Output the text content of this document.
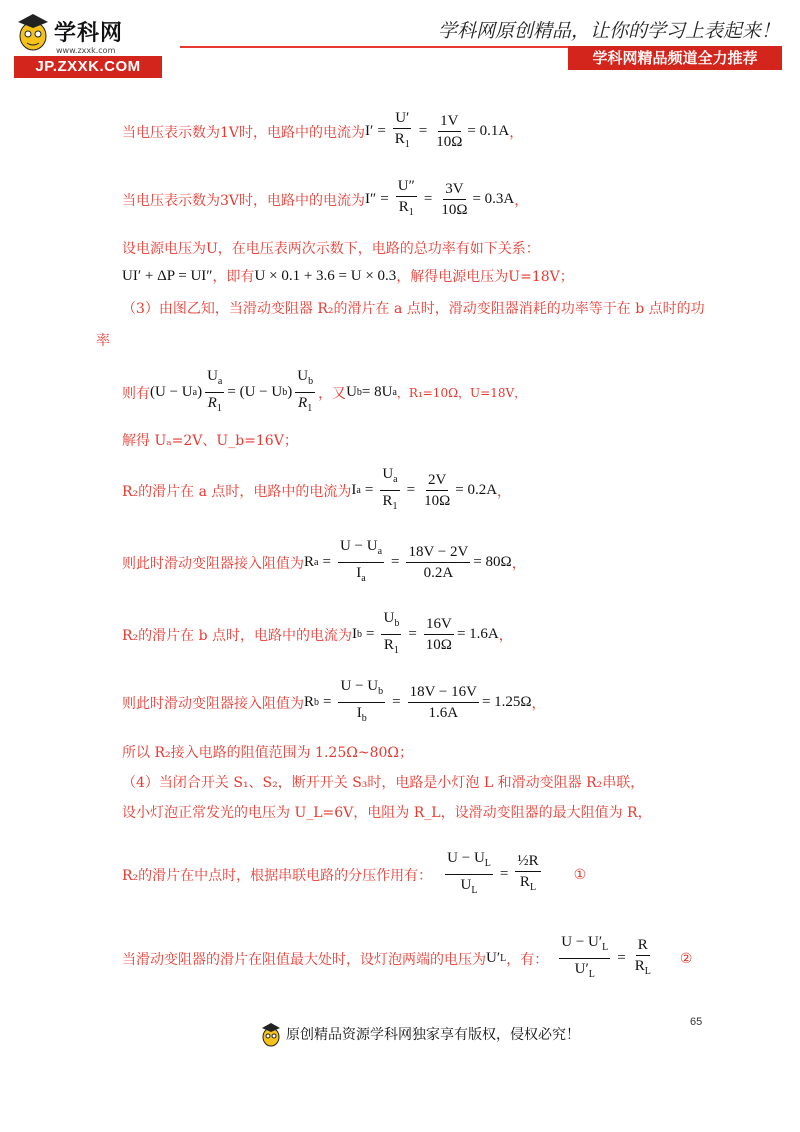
学科网
www.zxxk.com
JP.ZXXK.COM
学科网原创精品，让你的学习上表起来！
学科网精品频道全力推荐
当电压表示数为1V时，电路中的电流为 $I' = \frac{U'}{R_1} = \frac{1V}{10\Omega} = 0.1A$ ，
当电压表示数为3V时，电路中的电流为 $I'' = \frac{U''}{R_1} = \frac{3V}{10\Omega} = 0.3A$ ，
设电源电压为U，在电压表两次示数下，电路的总功率有如下关系：
UI′ + ΔP = UI″ ，即有 U × 0.1 + 3.6 = U × 0.3 ，解得电源电压为U=18V；
（3）由图乙知，当滑动变阻器 R₂的滑片在 a 点时，滑动变阻器消耗的功率等于在 b 点时的功
率
则有 (U − U a ) $\frac{U_a}{R_1} = (U - U$ b ) $\frac{U_b}{R_1}$ ，又 U b = 8U a ，R₁=10Ω，U=18V，
解得 Uₐ=2V、U_b=16V；
R₂的滑片在 a 点时，电路中的电流为 I $a = \frac{U_a}{R_1} = \frac{2V}{10\Omega} = 0.2A$ ，
则此时滑动变阻器接入阻值为 R $a = \frac{U - U_a}{I_a} = \frac{18V - 2V}{0.2A} = 80\Omega$ ，
R₂的滑片在 b 点时，电路中的电流为 I $b = \frac{U_b}{R_1} = \frac{16V}{10\Omega} = 1.6A$ ，
则此时滑动变阻器接入阻值为 R $b = \frac{U - U_b}{I_b} = \frac{18V - 16V}{1.6A} = 1.25\Omega$ ，
所以 R₂接入电路的阻值范围为 1.25Ω~80Ω；
（4）当闭合开关 S₁、S₂，断开开关 S₃时，电路是小灯泡 L 和滑动变阻器 R₂串联，
设小灯泡正常发光的电压为 U_L=6V，电阻为 R_L，设滑动变阻器的最大阻值为 R，
R₂的滑片在中点时，根据串联电路的分压作用有： $\frac{U - U_L}{U_L} = \frac{\text{½R}}{R_L}$ ①
当滑动变阻器的滑片在阻值最大处时，设灯泡两端的电压为 U′ L ，有： $\frac{U - U'_L}{U'_L} = \frac{R}{R_L}$ ②
65
原创精品资源学科网独家享有版权，侵权必究！
